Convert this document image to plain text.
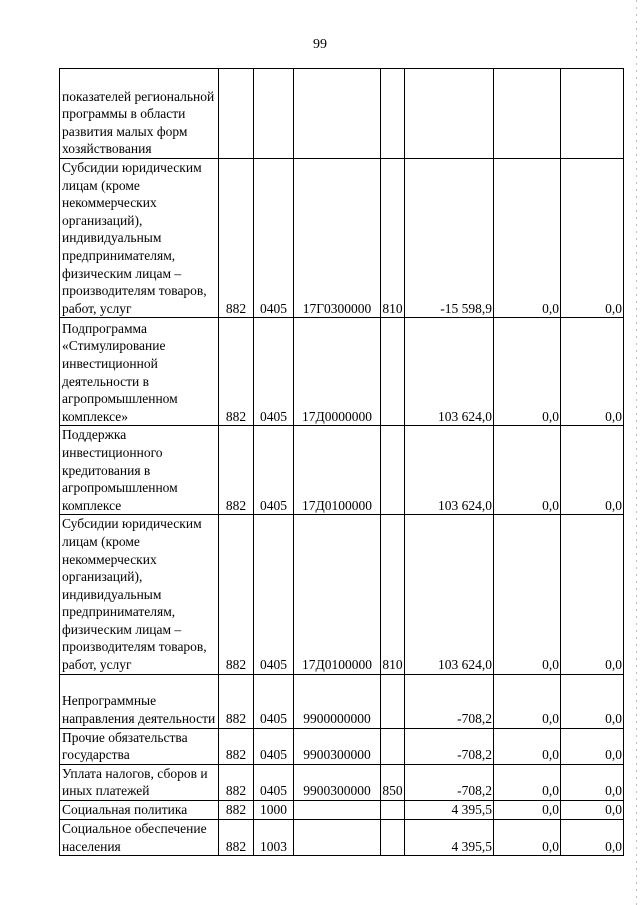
99
показателей региональной программы в области развития малых форм хозяйствования							
Субсидии юридическим лицам (кроме некоммерческих организаций), индивидуальным предпринимателям, физическим лицам – производителям товаров, работ, услуг	882	0405	17Г0300000	810	-15 598,9	0,0	0,0
Подпрограмма «Стимулирование инвестиционной деятельности в агропромышленном комплексе»	882	0405	17Д0000000		103 624,0	0,0	0,0
Поддержка инвестиционного кредитования в агропромышленном комплексе	882	0405	17Д0100000		103 624,0	0,0	0,0
Субсидии юридическим лицам (кроме некоммерческих организаций), индивидуальным предпринимателям, физическим лицам – производителям товаров, работ, услуг	882	0405	17Д0100000	810	103 624,0	0,0	0,0
Непрограммные направления деятельности	882	0405	9900000000		-708,2	0,0	0,0
Прочие обязательства государства	882	0405	9900300000		-708,2	0,0	0,0
Уплата налогов, сборов и иных платежей	882	0405	9900300000	850	-708,2	0,0	0,0
Социальная политика	882	1000			4 395,5	0,0	0,0
Социальное обеспечение населения	882	1003			4 395,5	0,0	0,0
